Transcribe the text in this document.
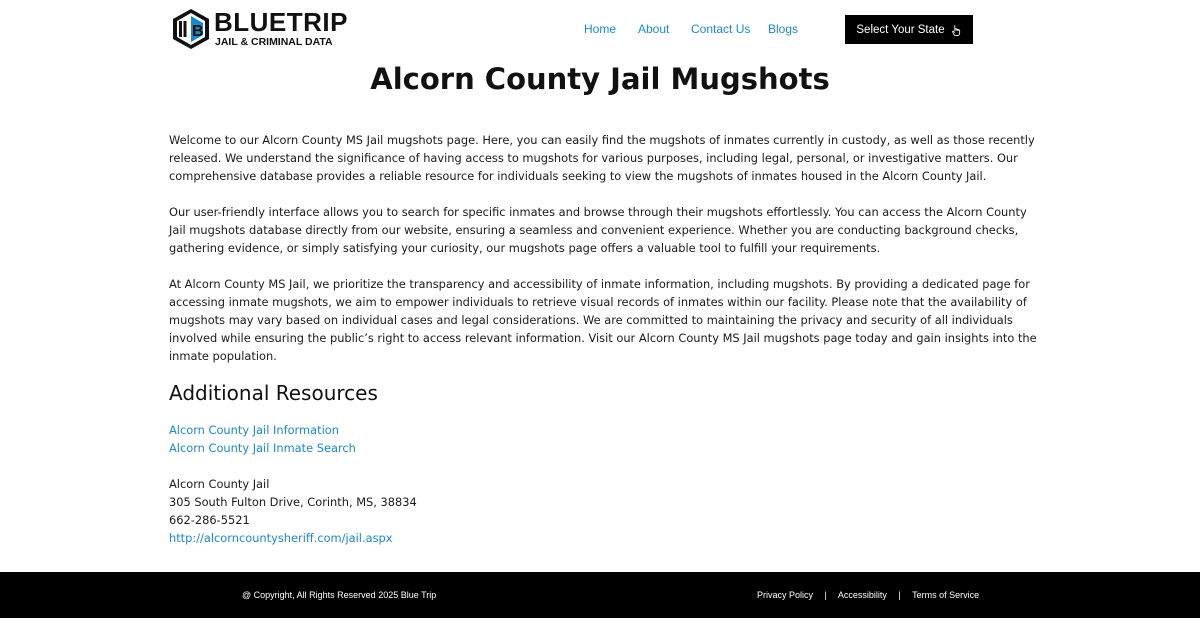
B BLUETRIP
JAIL & CRIMINAL DATA
Home About Contact Us Blogs	Select Your State
Alcorn County Jail Mugshots

Welcome to our Alcorn County MS Jail mugshots page. Here, you can easily find the mugshots of inmates currently in custody, as well as those recently released. We understand the significance of having access to mugshots for various purposes, including legal, personal, or investigative matters. Our comprehensive database provides a reliable resource for individuals seeking to view the mugshots of inmates housed in the Alcorn County Jail.

Our user-friendly interface allows you to search for specific inmates and browse through their mugshots effortlessly. You can access the Alcorn County Jail mugshots database directly from our website, ensuring a seamless and convenient experience. Whether you are conducting background checks, gathering evidence, or simply satisfying your curiosity, our mugshots page offers a valuable tool to fulfill your requirements.

At Alcorn County MS Jail, we prioritize the transparency and accessibility of inmate information, including mugshots. By providing a dedicated page for accessing inmate mugshots, we aim to empower individuals to retrieve visual records of inmates within our facility. Please note that the availability of mugshots may vary based on individual cases and legal considerations. We are committed to maintaining the privacy and security of all individuals involved while ensuring the public’s right to access relevant information. Visit our Alcorn County MS Jail mugshots page today and gain insights into the inmate population.

Additional Resources
Alcorn County Jail Information
Alcorn County Jail Inmate Search
Alcorn County Jail
305 South Fulton Drive, Corinth, MS, 38834
662-286-5521
http://alcorncountysheriff.com/jail.aspx
@ Copyright, All Rights Reserved 2025 Blue Trip	Privacy Policy | Accessibility | Terms of Service
